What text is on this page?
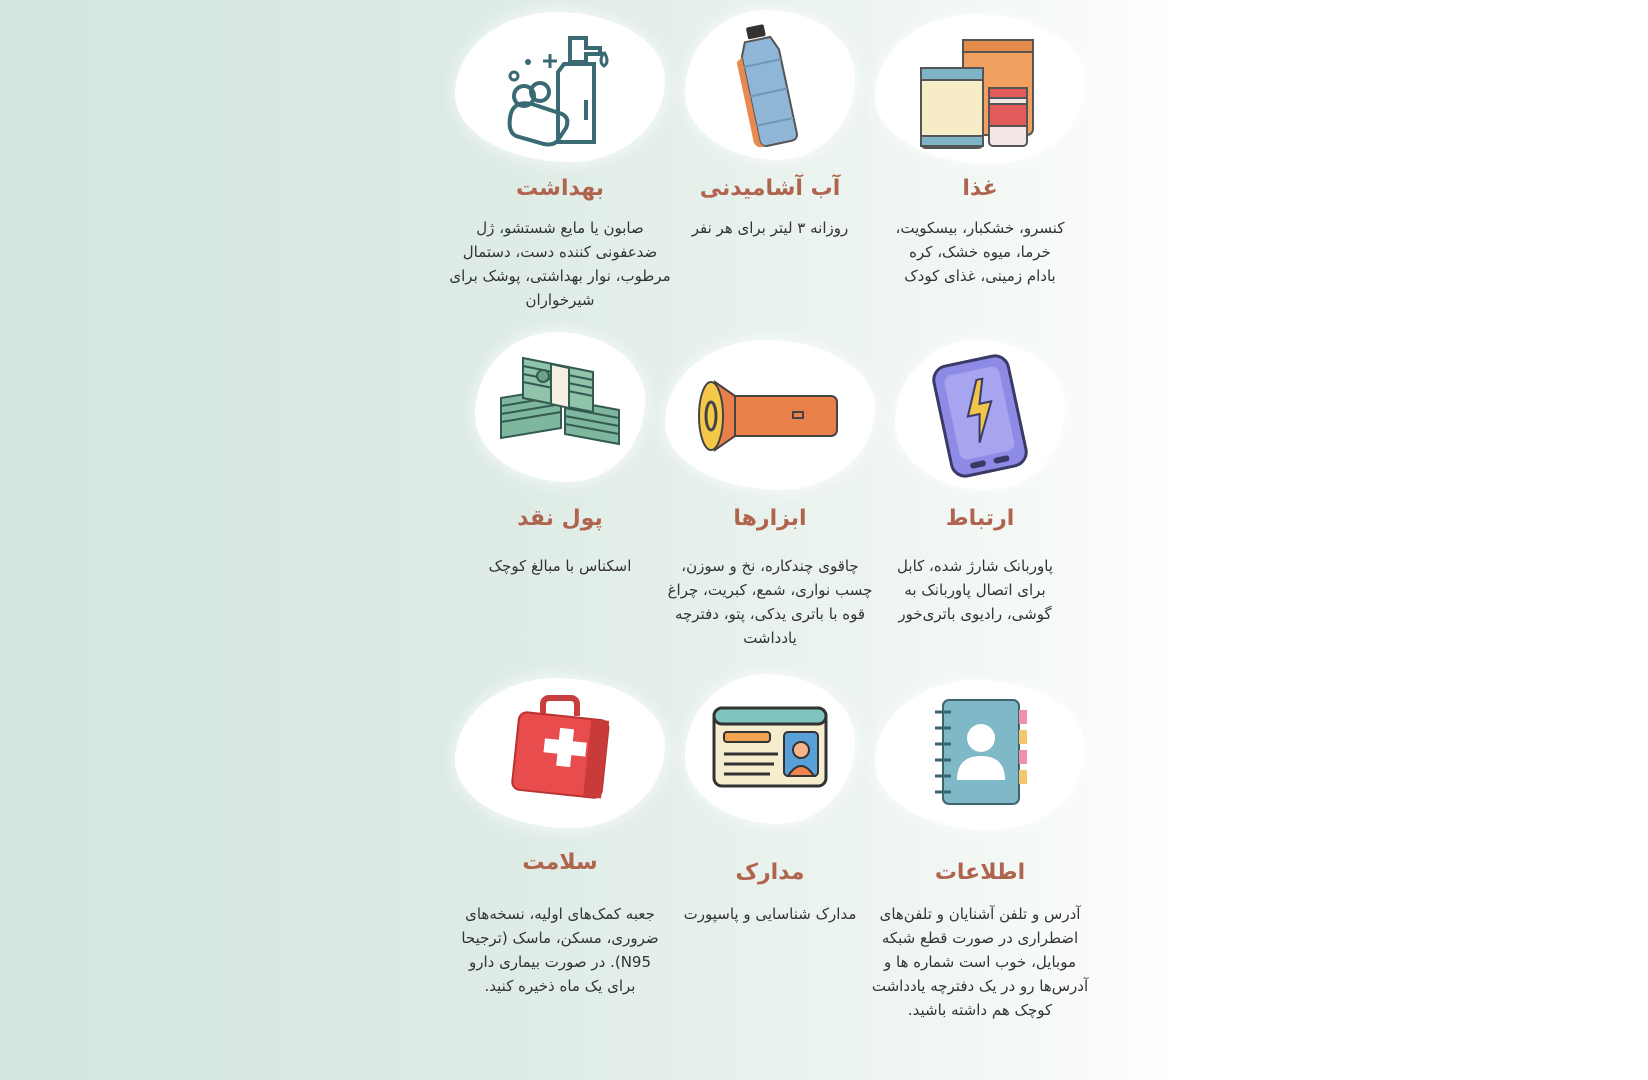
غذا
کنسرو، خشکبار، بیسکویت، خرما، میوه خشک، کره بادام زمینی، غذای کودک
آب آشامیدنی
روزانه ۳ لیتر برای هر نفر
بهداشت
صابون یا مایع شستشو، ژل ضدعفونی کننده دست، دستمال مرطوب، نوار بهداشتی، پوشک برای شیرخواران
ارتباط
پاوربانک شارژ شده، کابل برای اتصال پاوربانک به گوشی، رادیوی باتری‌خور
ابزارها
چاقوی چندکاره، نخ و سوزن، چسب نواری، شمع، کبریت، چراغ قوه با باتری یدکی، پتو، دفترچه یادداشت
پول نقد
اسکناس با مبالغ کوچک
اطلاعات
آدرس و تلفن آشنایان و تلفن‌های اضطراری در صورت قطع شبکه موبایل، خوب است شماره ها و آدرس‌ها رو در یک دفترچه یادداشت کوچک هم داشته باشید.
مدارک
مدارک شناسایی و پاسپورت
سلامت
جعبه کمک‌های اولیه، نسخه‌های ضروری، مسکن، ماسک (ترجیحا N95). در صورت بیماری دارو برای یک ماه ذخیره کنید.
